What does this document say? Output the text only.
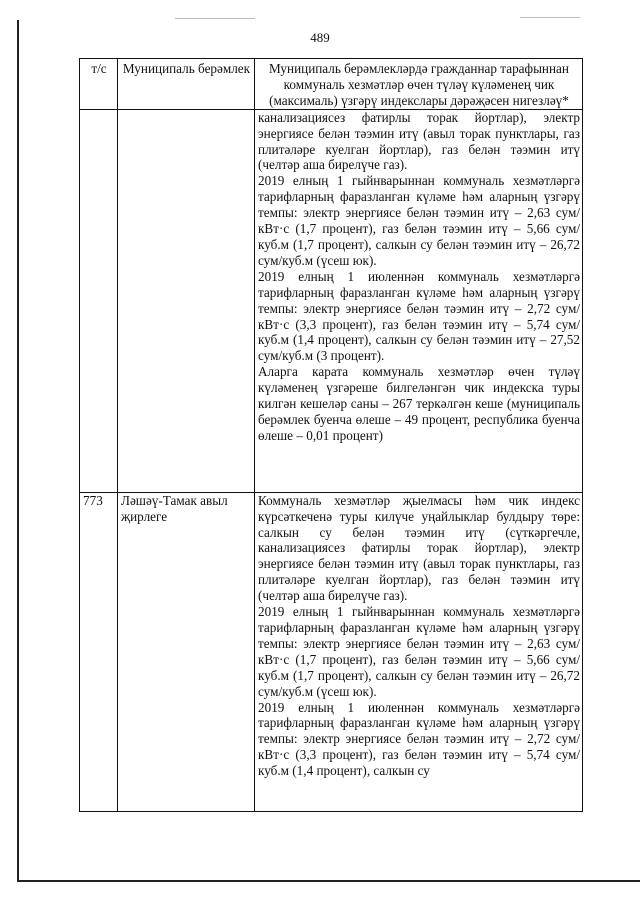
489
т/с	Муниципаль берәмлек	Муниципаль берәмлекләрдә гражданнар тарафыннан коммуналь хезмәтләр өчен түләү күләменең чик (максималь) үзгәрү индекслары дәрәҗәсен нигезләү*

		канализациясез фатирлы торак йортлар), электр энергиясе белән тәэмин итү (авыл торак пунктлары, газ плитәләре куелган йортлар), газ белән тәэмин итү (челтәр аша бирелүче газ).

2019 елның 1 гыйнварыннан коммуналь хезмәтләргә тарифларның фаразланган күләме һәм аларның үзгәрү темпы: электр энергиясе белән тәэмин итү – 2,63 сум/кВт·с (1,7 процент), газ белән тәэмин итү – 5,66 сум/куб.м (1,7 процент), салкын су белән тәэмин итү – 26,72 сум/куб.м (үсеш юк).

2019 елның 1 июленнән коммуналь хезмәтләргә тарифларның фаразланган күләме һәм аларның үзгәрү темпы: электр энергиясе белән тәэмин итү – 2,72 сум/кВт·с (3,3 процент), газ белән тәэмин итү – 5,74 сум/куб.м (1,4 процент), салкын су белән тәэмин итү – 27,52 сум/куб.м (3 процент).

Аларга карата коммуналь хезмәтләр өчен түләү күләменең үзгәреше билгеләнгән чик индекска туры килгән кешеләр саны – 267 теркәлгән кеше (муниципаль берәмлек буенча өлеше – 49 процент, республика буенча өлеше – 0,01 процент)

773	Ләшәү-Тамак авыл җирлеге	Коммуналь хезмәтләр җыелмасы һәм чик индекс күрсәткеченә туры килүче уңайлыклар булдыру төре: салкын су белән тәэмин итү (сүткәргечле, канализациясез фатирлы торак йортлар), электр энергиясе белән тәэмин итү (авыл торак пунктлары, газ плитәләре куелган йортлар), газ белән тәэмин итү (челтәр аша бирелүче газ).

2019 елның 1 гыйнварыннан коммуналь хезмәтләргә тарифларның фаразланган күләме һәм аларның үзгәрү темпы: электр энергиясе белән тәэмин итү – 2,63 сум/кВт·с (1,7 процент), газ белән тәэмин итү – 5,66 сум/куб.м (1,7 процент), салкын су белән тәэмин итү – 26,72 сум/куб.м (үсеш юк).

2019 елның 1 июленнән коммуналь хезмәтләргә тарифларның фаразланган күләме һәм аларның үзгәрү темпы: электр энергиясе белән тәэмин итү – 2,72 сум/кВт·с (3,3 процент), газ белән тәэмин итү – 5,74 сум/куб.м (1,4 процент), салкын су
